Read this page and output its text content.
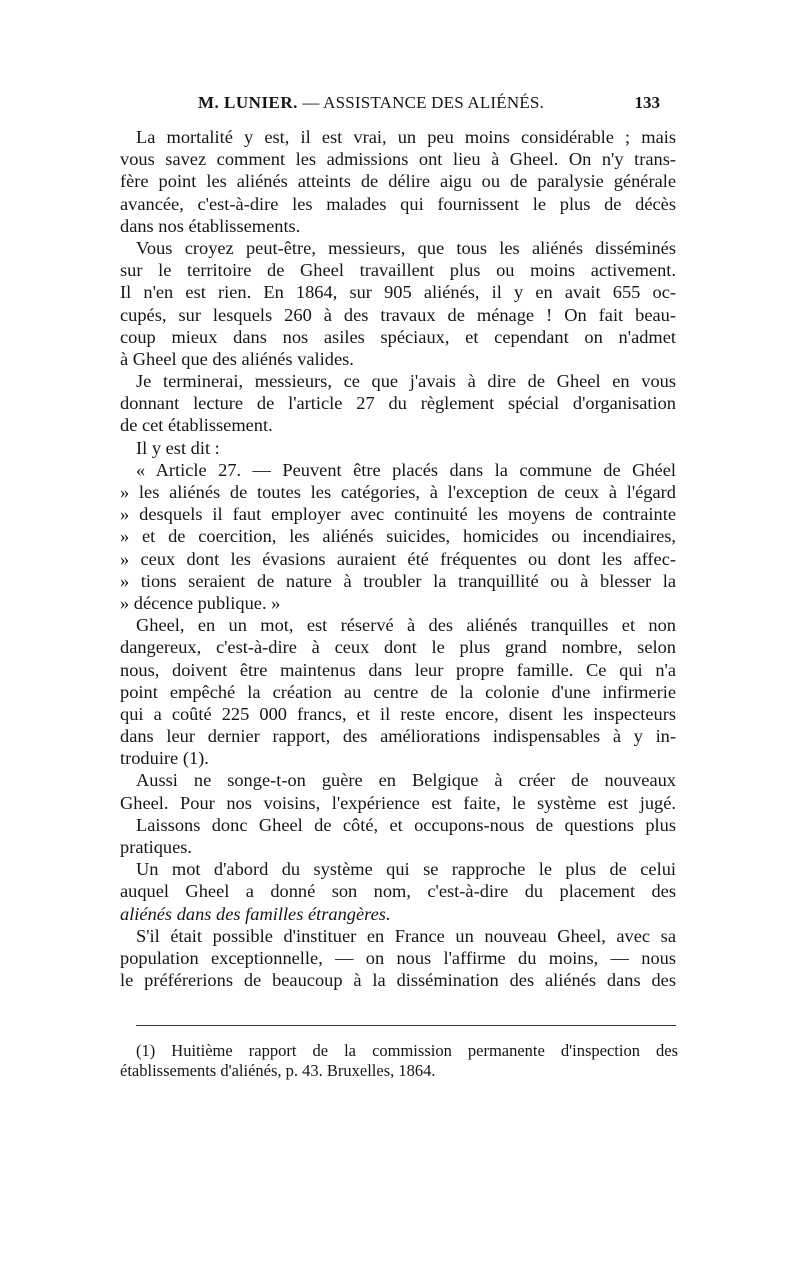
M. LUNIER. — ASSISTANCE DES ALIÉNÉS.	133
La mortalité y est, il est vrai, un peu moins considérable ; mais
vous savez comment les admissions ont lieu à Gheel. On n'y trans-
fère point les aliénés atteints de délire aigu ou de paralysie générale
avancée, c'est-à-dire les malades qui fournissent le plus de décès
dans nos établissements.
Vous croyez peut-être, messieurs, que tous les aliénés disséminés
sur le territoire de Gheel travaillent plus ou moins activement.
Il n'en est rien. En 1864, sur 905 aliénés, il y en avait 655 oc-
cupés, sur lesquels 260 à des travaux de ménage ! On fait beau-
coup mieux dans nos asiles spéciaux, et cependant on n'admet
à Gheel que des aliénés valides.
Je terminerai, messieurs, ce que j'avais à dire de Gheel en vous
donnant lecture de l'article 27 du règlement spécial d'organisation
de cet établissement.
Il y est dit :
« Article 27. — Peuvent être placés dans la commune de Ghéel
» les aliénés de toutes les catégories, à l'exception de ceux à l'égard
» desquels il faut employer avec continuité les moyens de contrainte
» et de coercition, les aliénés suicides, homicides ou incendiaires,
» ceux dont les évasions auraient été fréquentes ou dont les affec-
» tions seraient de nature à troubler la tranquillité ou à blesser la
» décence publique. »
Gheel, en un mot, est réservé à des aliénés tranquilles et non
dangereux, c'est-à-dire à ceux dont le plus grand nombre, selon
nous, doivent être maintenus dans leur propre famille. Ce qui n'a
point empêché la création au centre de la colonie d'une infirmerie
qui a coûté 225 000 francs, et il reste encore, disent les inspecteurs
dans leur dernier rapport, des améliorations indispensables à y in-
troduire (1).
Aussi ne songe-t-on guère en Belgique à créer de nouveaux
Gheel. Pour nos voisins, l'expérience est faite, le système est jugé.
Laissons donc Gheel de côté, et occupons-nous de questions plus
pratiques.
Un mot d'abord du système qui se rapproche le plus de celui
auquel Gheel a donné son nom, c'est-à-dire du placement des
aliénés dans des familles étrangères.
S'il était possible d'instituer en France un nouveau Gheel, avec sa
population exceptionnelle, — on nous l'affirme du moins, — nous
le préférerions de beaucoup à la dissémination des aliénés dans des
(1) Huitième rapport de la commission permanente d'inspection des
établissements d'aliénés, p. 43. Bruxelles, 1864.
